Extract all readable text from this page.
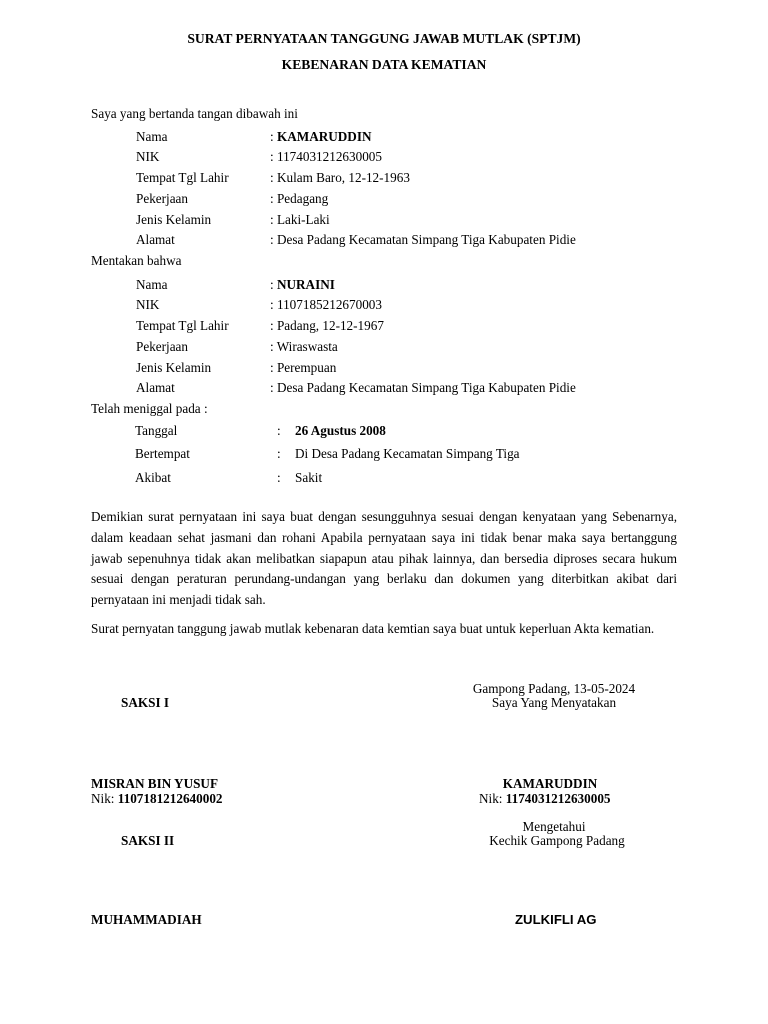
SURAT PERNYATAAN TANGGUNG JAWAB MUTLAK (SPTJM)
KEBENARAN DATA KEMATIAN
Saya yang bertanda tangan dibawah ini
Nama	: KAMARUDDIN
NIK	: 1174031212630005
Tempat Tgl Lahir	: Kulam Baro, 12-12-1963
Pekerjaan	: Pedagang
Jenis Kelamin	: Laki-Laki
Alamat	: Desa Padang Kecamatan Simpang Tiga Kabupaten Pidie
Mentakan bahwa
Nama	: NURAINI
NIK	: 1107185212670003
Tempat Tgl Lahir	: Padang, 12-12-1967
Pekerjaan	: Wiraswasta
Jenis Kelamin	: Perempuan
Alamat	: Desa Padang Kecamatan Simpang Tiga Kabupaten Pidie
Telah meniggal pada :
Tanggal	: 26 Agustus 2008
Bertempat	: Di Desa Padang Kecamatan Simpang Tiga
Akibat	: Sakit
Demikian surat pernyataan ini saya buat dengan sesungguhnya sesuai dengan kenyataan yang Sebenarnya, dalam keadaan sehat jasmani dan rohani Apabila pernyataan saya ini tidak benar maka saya bertanggung jawab sepenuhnya tidak akan melibatkan siapapun atau pihak lainnya, dan bersedia diproses secara hukum sesuai dengan peraturan perundang-undangan yang berlaku dan dokumen yang diterbitkan akibat dari pernyataan ini menjadi tidak sah.
Surat pernyatan tanggung jawab mutlak kebenaran data kemtian saya buat untuk keperluan Akta kematian.
Gampong Padang, 13-05-2024
Saya Yang Menyatakan
SAKSI I
MISRAN BIN YUSUF
Nik: 1107181212640002
KAMARUDDIN
Nik: 1174031212630005
Mengetahui
Kechik Gampong Padang
SAKSI II
MUHAMMADIAH	ZULKIFLI AG
